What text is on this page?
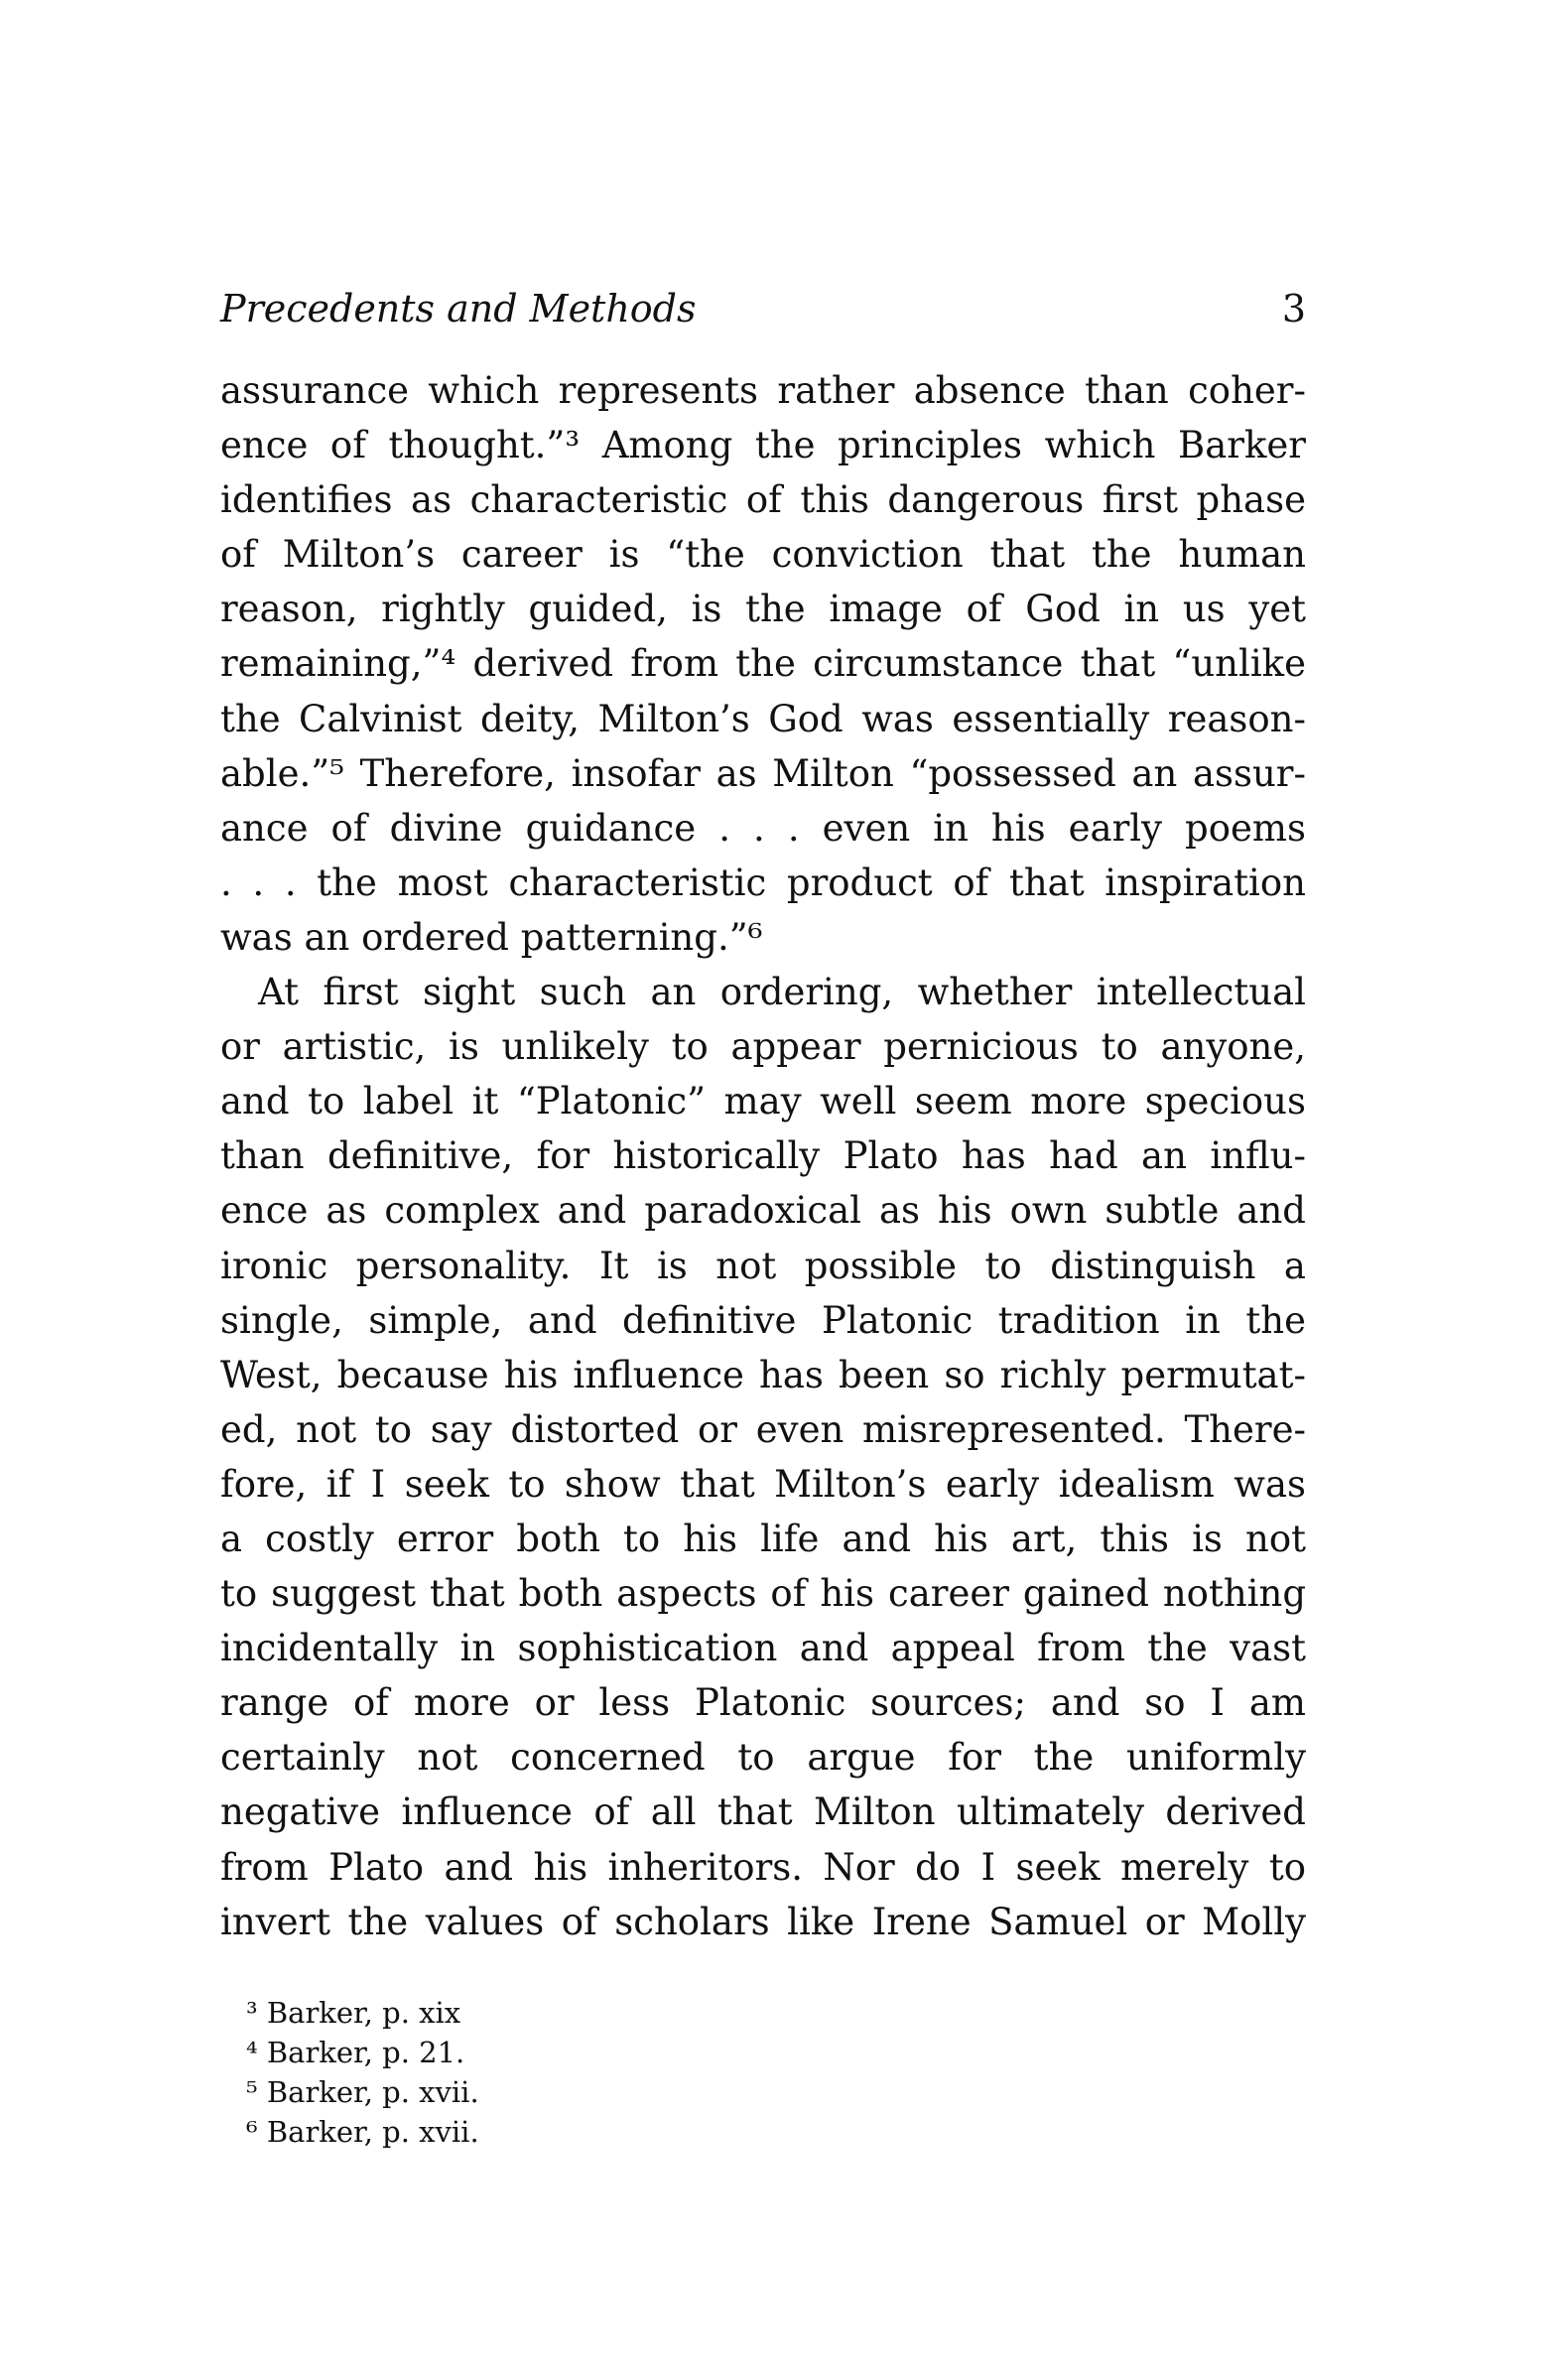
Precedents and Methods	3
assurance which represents rather absence than coher-
ence of thought.”³ Among the principles which Barker
identifies as characteristic of this dangerous first phase
of Milton’s career is “the conviction that the human
reason, rightly guided, is the image of God in us yet
remaining,”⁴ derived from the circumstance that “unlike
the Calvinist deity, Milton’s God was essentially reason-
able.”⁵ Therefore, insofar as Milton “possessed an assur-
ance of divine guidance . . . even in his early poems
. . . the most characteristic product of that inspiration
was an ordered patterning.”⁶
At first sight such an ordering, whether intellectual
or artistic, is unlikely to appear pernicious to anyone,
and to label it “Platonic” may well seem more specious
than definitive, for historically Plato has had an influ-
ence as complex and paradoxical as his own subtle and
ironic personality. It is not possible to distinguish a
single, simple, and definitive Platonic tradition in the
West, because his influence has been so richly permutat-
ed, not to say distorted or even misrepresented. There-
fore, if I seek to show that Milton’s early idealism was
a costly error both to his life and his art, this is not
to suggest that both aspects of his career gained nothing
incidentally in sophistication and appeal from the vast
range of more or less Platonic sources; and so I am
certainly not concerned to argue for the uniformly
negative influence of all that Milton ultimately derived
from Plato and his inheritors. Nor do I seek merely to
invert the values of scholars like Irene Samuel or Molly
³ Barker, p. xix
⁴ Barker, p. 21.
⁵ Barker, p. xvii.
⁶ Barker, p. xvii.
